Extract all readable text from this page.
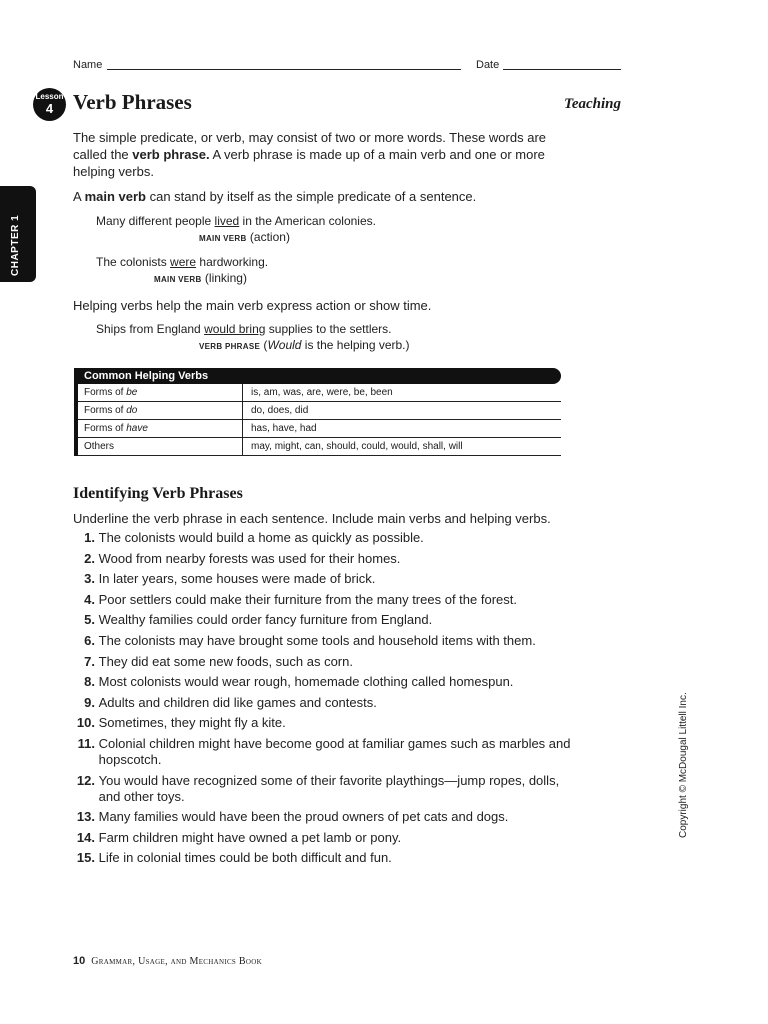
Name	Date
Lesson
4 Verb Phrases	Teaching
CHAPTER 1
The simple predicate, or verb, may consist of two or more words. These words are called the verb phrase. A verb phrase is made up of a main verb and one or more helping verbs.
A main verb can stand by itself as the simple predicate of a sentence.
Many different people lived in the American colonies.
MAIN VERB (action)
The colonists were hardworking.
MAIN VERB (linking)
Helping verbs help the main verb express action or show time.
Ships from England would bring supplies to the settlers.
VERB PHRASE (Would is the helping verb.)
Common Helping Verbs
Forms of be	is, am, was, are, were, be, been
Forms of do	do, does, did
Forms of have	has, have, had
Others	may, might, can, should, could, would, shall, will
Identifying Verb Phrases
Underline the verb phrase in each sentence. Include main verbs and helping verbs.
1.
The colonists would build a home as quickly as possible.
2.
Wood from nearby forests was used for their homes.
3.
In later years, some houses were made of brick.
4.
Poor settlers could make their furniture from the many trees of the forest.
5.
Wealthy families could order fancy furniture from England.
6.
The colonists may have brought some tools and household items with them.
7.
They did eat some new foods, such as corn.
8.
Most colonists would wear rough, homemade clothing called homespun.
9.
Adults and children did like games and contests.
10.
Sometimes, they might fly a kite.
11.
Colonial children might have become good at familiar games such as marbles and hopscotch.
12.
You would have recognized some of their favorite playthings—jump ropes, dolls, and other toys.
13.
Many families would have been the proud owners of pet cats and dogs.
14.
Farm children might have owned a pet lamb or pony.
15.
Life in colonial times could be both difficult and fun.
Copyright © McDougal Littell Inc.
10 Grammar, Usage, and Mechanics Book
